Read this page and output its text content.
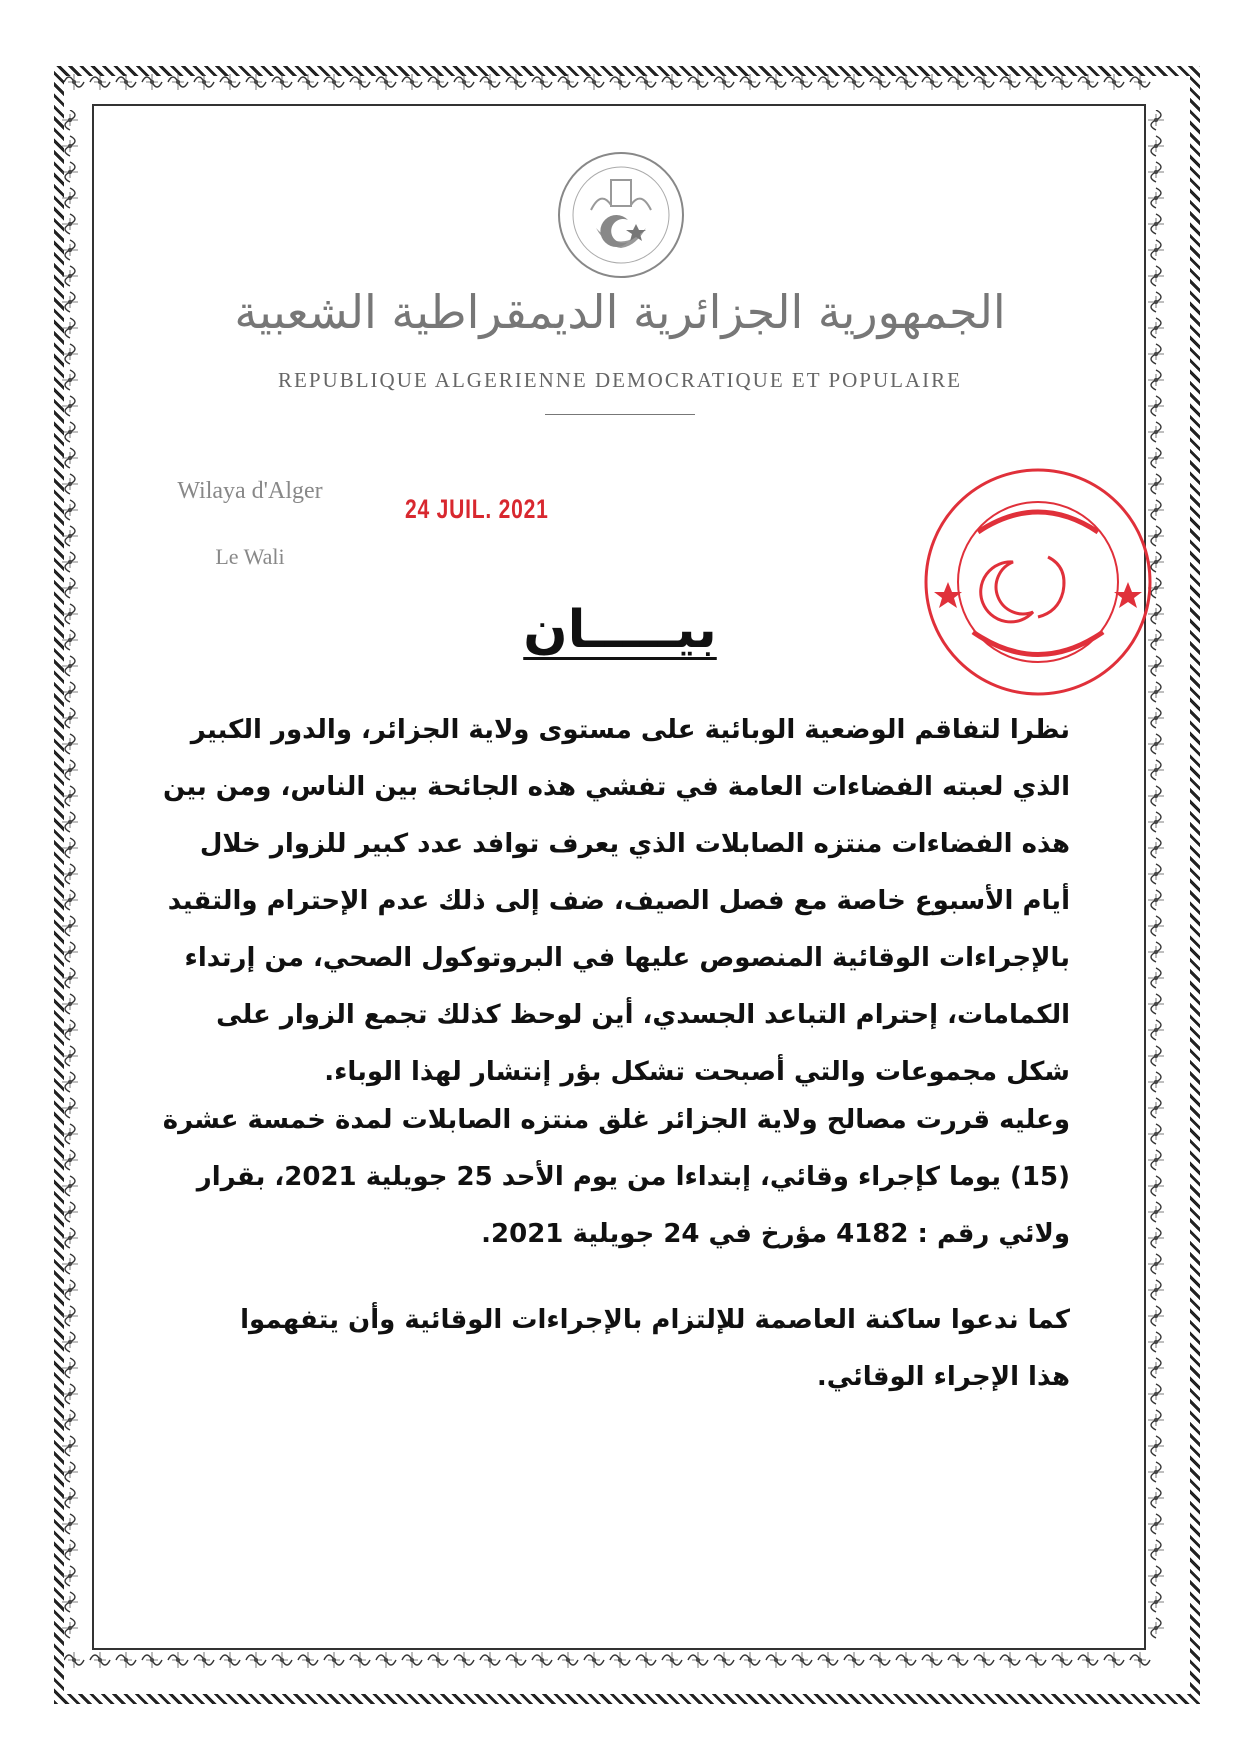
الجمهورية الجزائرية الديمقراطية الشعبية
REPUBLIQUE ALGERIENNE DEMOCRATIQUE ET POPULAIRE
Wilaya d'Alger
Le Wali
24 JUIL. 2021
بيـــــان
نظرا لتفاقم الوضعية الوبائية على مستوى ولاية الجزائر، والدور الكبير
الذي لعبته الفضاءات العامة في تفشي هذه الجائحة بين الناس، ومن بين
هذه الفضاءات منتزه الصابلات الذي يعرف توافد عدد كبير للزوار خلال
أيام الأسبوع خاصة مع فصل الصيف، ضف إلى ذلك عدم الإحترام والتقيد
بالإجراءات الوقائية المنصوص عليها في البروتوكول الصحي، من إرتداء
الكمامات، إحترام التباعد الجسدي، أين لوحظ كذلك تجمع الزوار على
شكل مجموعات والتي أصبحت تشكل بؤر إنتشار لهذا الوباء.
وعليه قررت مصالح ولاية الجزائر غلق منتزه الصابلات لمدة خمسة عشرة
(15) يوما كإجراء وقائي، إبتداءا من يوم الأحد 25 جويلية 2021، بقرار
ولائي رقم : 4182 مؤرخ في 24 جويلية 2021.
كما ندعوا ساكنة العاصمة للإلتزام بالإجراءات الوقائية وأن يتفهموا
هذا الإجراء الوقائي.
